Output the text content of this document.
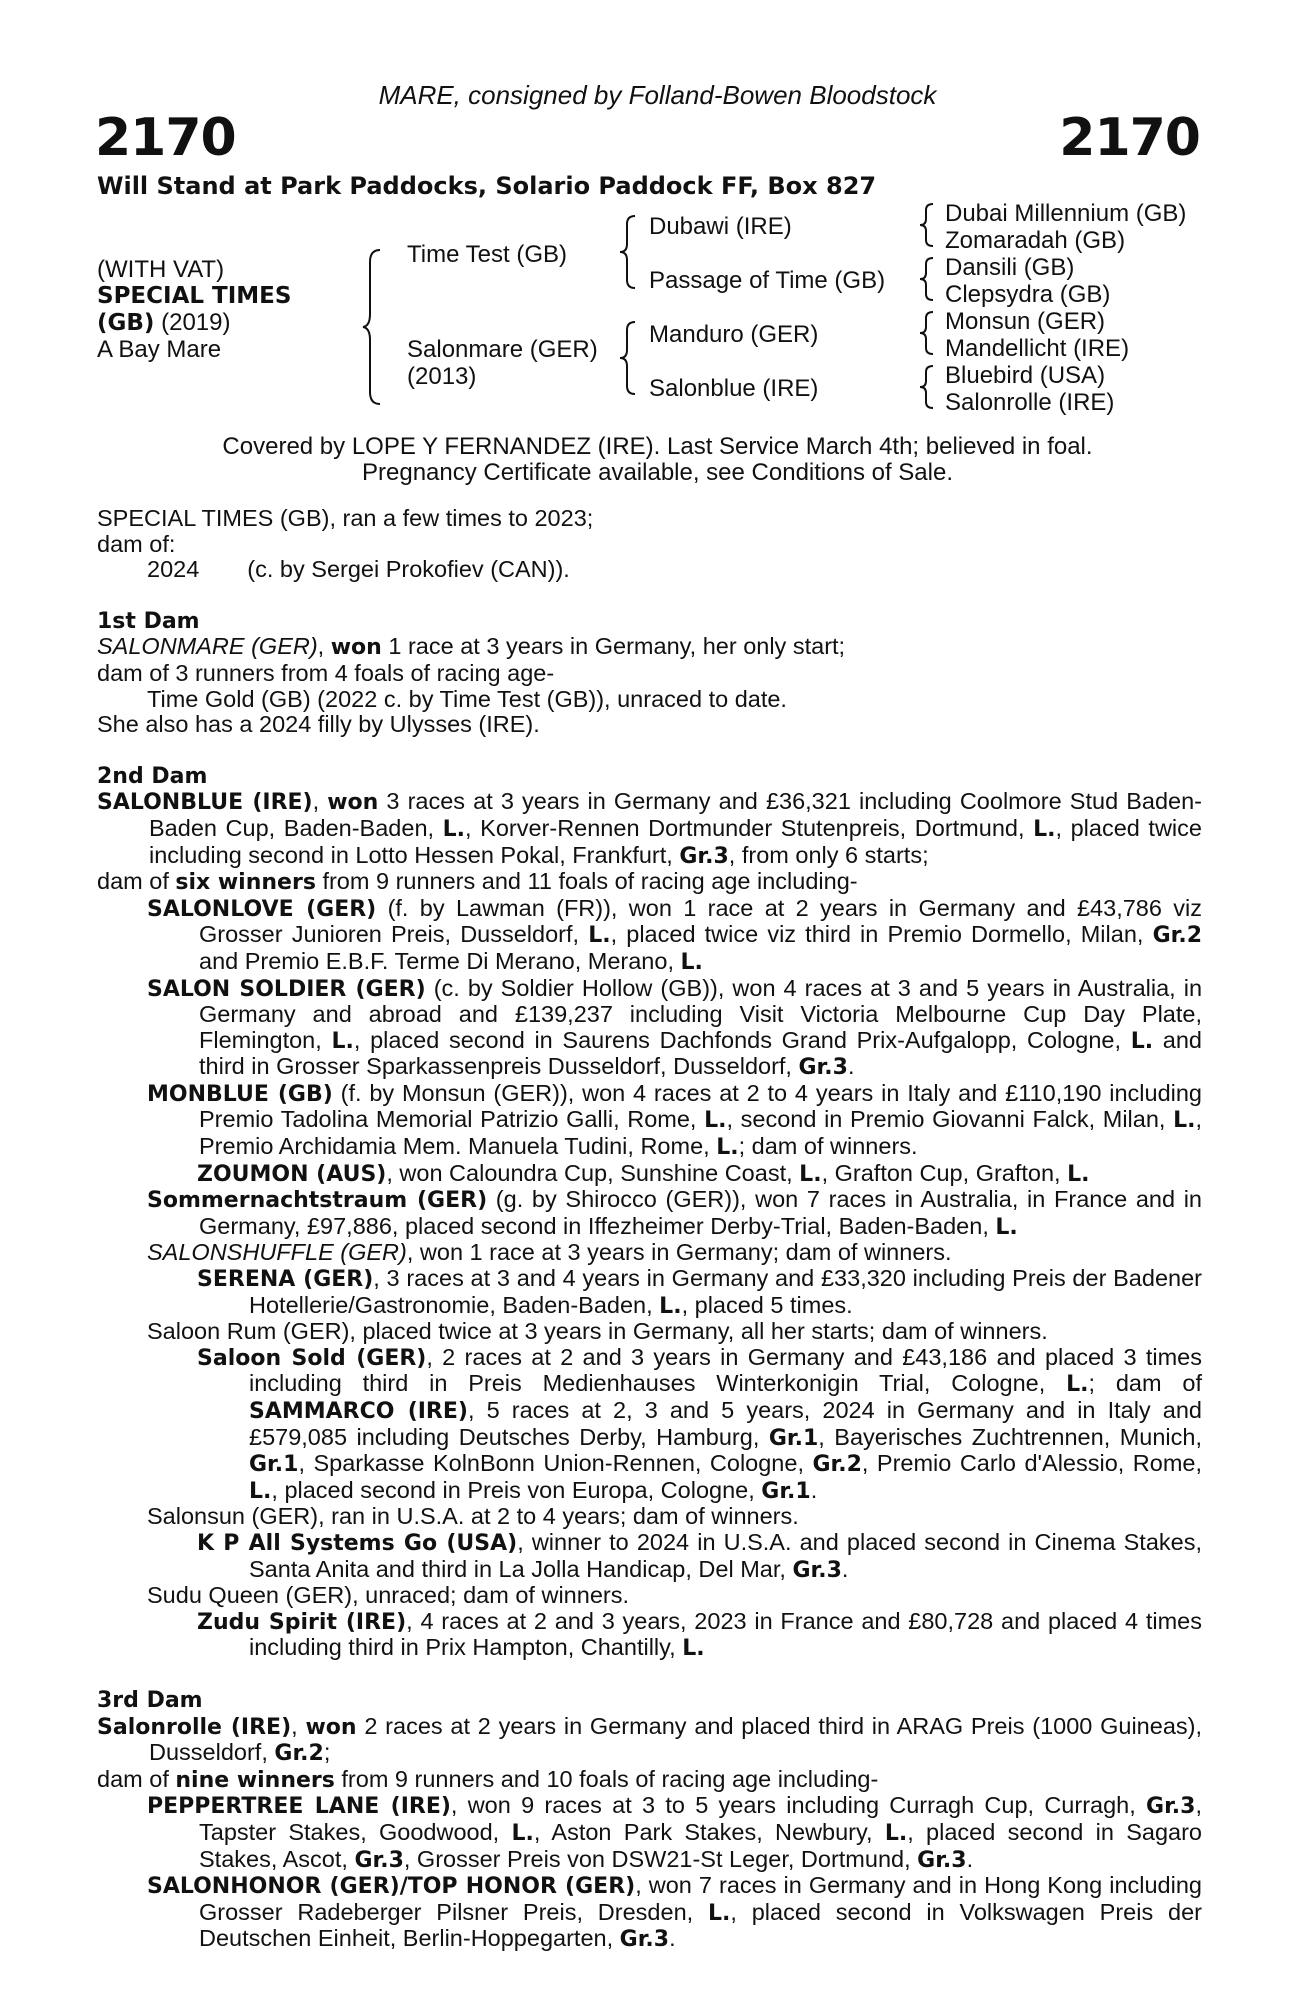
MARE, consigned by Folland-Bowen Bloodstock
2170	2170
Will Stand at Park Paddocks, Solario Paddock FF, Box 827
(WITH VAT)
SPECIAL TIMES
(GB) (2019)
A Bay Mare
Time Test (GB)
Salonmare (GER)
(2013)
Dubawi (IRE)
Passage of Time (GB)
Manduro (GER)
Salonblue (IRE)
Dubai Millennium (GB)
Zomaradah (GB)
Dansili (GB)
Clepsydra (GB)
Monsun (GER)
Mandellicht (IRE)
Bluebird (USA)
Salonrolle (IRE)
Covered by LOPE Y FERNANDEZ (IRE). Last Service March 4th; believed in foal.
Pregnancy Certificate available, see Conditions of Sale.

SPECIAL TIMES (GB), ran a few times to 2023;

dam of:

2024 (c. by Sergei Prokofiev (CAN)).

1st Dam

SALONMARE (GER), won 1 race at 3 years in Germany, her only start;

dam of 3 runners from 4 foals of racing age-

Time Gold (GB) (2022 c. by Time Test (GB)), unraced to date.

She also has a 2024 filly by Ulysses (IRE).

2nd Dam

SALONBLUE (IRE), won 3 races at 3 years in Germany and £36,321 including Coolmore Stud Baden-Baden Cup, Baden-Baden, L., Korver-Rennen Dortmunder Stutenpreis, Dortmund, L., placed twice including second in Lotto Hessen Pokal, Frankfurt, Gr.3, from only 6 starts;

dam of six winners from 9 runners and 11 foals of racing age including-

SALONLOVE (GER) (f. by Lawman (FR)), won 1 race at 2 years in Germany and £43,786 viz Grosser Junioren Preis, Dusseldorf, L., placed twice viz third in Premio Dormello, Milan, Gr.2 and Premio E.B.F. Terme Di Merano, Merano, L.

SALON SOLDIER (GER) (c. by Soldier Hollow (GB)), won 4 races at 3 and 5 years in Australia, in Germany and abroad and £139,237 including Visit Victoria Melbourne Cup Day Plate, Flemington, L., placed second in Saurens Dachfonds Grand Prix-Aufgalopp, Cologne, L. and third in Grosser Sparkassenpreis Dusseldorf, Dusseldorf, Gr.3.

MONBLUE (GB) (f. by Monsun (GER)), won 4 races at 2 to 4 years in Italy and £110,190 including Premio Tadolina Memorial Patrizio Galli, Rome, L., second in Premio Giovanni Falck, Milan, L., Premio Archidamia Mem. Manuela Tudini, Rome, L.; dam of winners.

ZOUMON (AUS), won Caloundra Cup, Sunshine Coast, L., Grafton Cup, Grafton, L.

Sommernachtstraum (GER) (g. by Shirocco (GER)), won 7 races in Australia, in France and in Germany, £97,886, placed second in Iffezheimer Derby-Trial, Baden-Baden, L.

SALONSHUFFLE (GER), won 1 race at 3 years in Germany; dam of winners.

SERENA (GER), 3 races at 3 and 4 years in Germany and £33,320 including Preis der Badener Hotellerie/Gastronomie, Baden-Baden, L., placed 5 times.

Saloon Rum (GER), placed twice at 3 years in Germany, all her starts; dam of winners.

Saloon Sold (GER), 2 races at 2 and 3 years in Germany and £43,186 and placed 3 times including third in Preis Medienhauses Winterkonigin Trial, Cologne, L.; dam of SAMMARCO (IRE), 5 races at 2, 3 and 5 years, 2024 in Germany and in Italy and £579,085 including Deutsches Derby, Hamburg, Gr.1, Bayerisches Zuchtrennen, Munich, Gr.1, Sparkasse KolnBonn Union-Rennen, Cologne, Gr.2, Premio Carlo d'Alessio, Rome, L., placed second in Preis von Europa, Cologne, Gr.1.

Salonsun (GER), ran in U.S.A. at 2 to 4 years; dam of winners.

K P All Systems Go (USA), winner to 2024 in U.S.A. and placed second in Cinema Stakes, Santa Anita and third in La Jolla Handicap, Del Mar, Gr.3.

Sudu Queen (GER), unraced; dam of winners.

Zudu Spirit (IRE), 4 races at 2 and 3 years, 2023 in France and £80,728 and placed 4 times including third in Prix Hampton, Chantilly, L.

3rd Dam

Salonrolle (IRE), won 2 races at 2 years in Germany and placed third in ARAG Preis (1000 Guineas), Dusseldorf, Gr.2;

dam of nine winners from 9 runners and 10 foals of racing age including-

PEPPERTREE LANE (IRE), won 9 races at 3 to 5 years including Curragh Cup, Curragh, Gr.3, Tapster Stakes, Goodwood, L., Aston Park Stakes, Newbury, L., placed second in Sagaro Stakes, Ascot, Gr.3, Grosser Preis von DSW21-St Leger, Dortmund, Gr.3.

SALONHONOR (GER)/TOP HONOR (GER), won 7 races in Germany and in Hong Kong including Grosser Radeberger Pilsner Preis, Dresden, L., placed second in Volkswagen Preis der Deutschen Einheit, Berlin-Hoppegarten, Gr.3.
